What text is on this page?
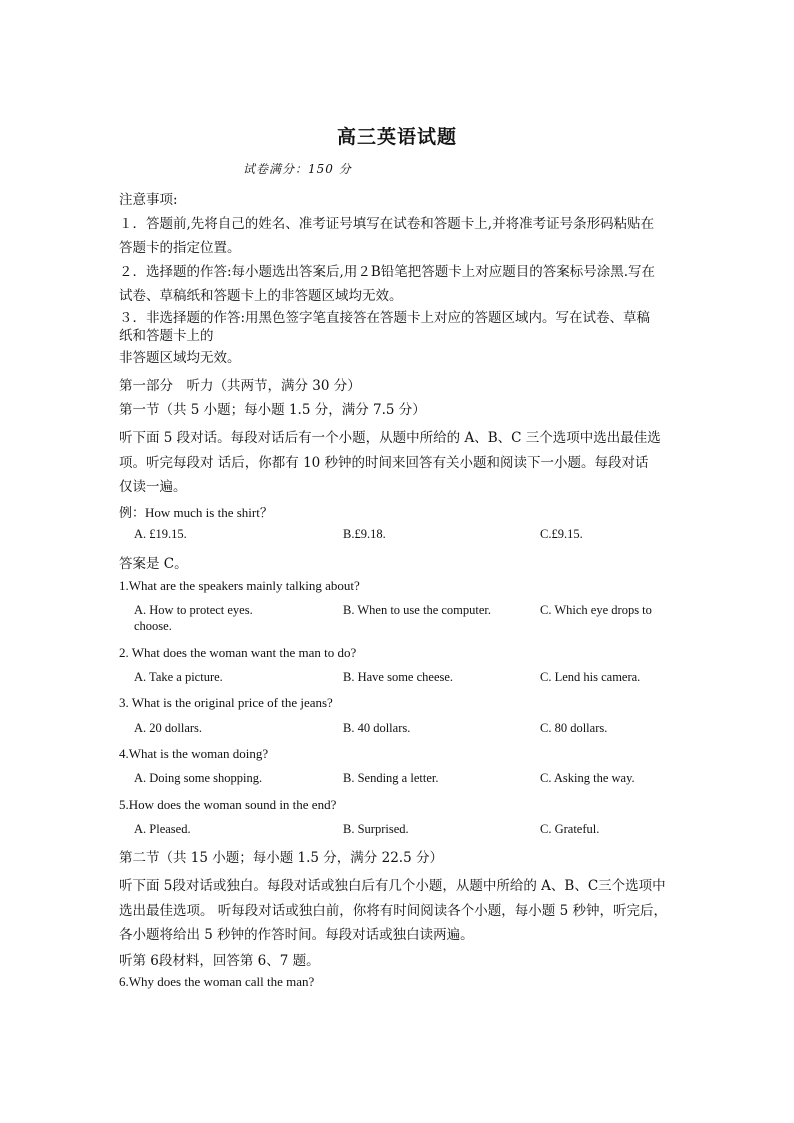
高三英语试题
试卷满分：150 分
注意事项:
１．答题前,先将自己的姓名、准考证号填写在试卷和答题卡上,并将准考证号条形码粘贴在
答题卡的指定位置。
２．选择题的作答:每小题选出答案后,用２B铅笔把答题卡上对应题目的答案标号涂黑.写在
试卷、草稿纸和答题卡上的非答题区域均无效。
３．非选择题的作答:用黑色签字笔直接答在答题卡上对应的答题区域内。写在试卷、草稿
纸和答题卡上的
非答题区域均无效。
第一部分　听力（共两节，满分 30 分）
第一节（共 5 小题；每小题 1.5 分，满分 7.5 分）
听下面 5 段对话。每段对话后有一个小题，从题中所给的 A、B、C 三个选项中选出最佳选
项。听完每段对 话后，你都有 10 秒钟的时间来回答有关小题和阅读下一小题。每段对话
仅读一遍。
例：How much is the shirt？
A. £19.15.	B.£9.18.	C.£9.15.
答案是 C。
1.What are the speakers mainly talking about?
A. How to protect eyes.	B. When to use the computer.	C. Which eye drops to
choose.
2. What does the woman want the man to do?
A. Take a picture.	B. Have some cheese.	C. Lend his camera.
3. What is the original price of the jeans?
A. 20 dollars.	B. 40 dollars.	C. 80 dollars.
4.What is the woman doing?
A. Doing some shopping.	B. Sending a letter.	C. Asking the way.
5.How does the woman sound in the end?
A. Pleased.	B. Surprised.	C. Grateful.
第二节（共 15 小题；每小题 1.5 分，满分 22.5 分）
听下面 5段对话或独白。每段对话或独白后有几个小题，从题中所给的 A、B、C三个选项中
选出最佳选项。 听每段对话或独白前，你将有时间阅读各个小题，每小题 5 秒钟，听完后，
各小题将给出 5 秒钟的作答时间。每段对话或独白读两遍。
听第 6段材料，回答第 6、7 题。
6.Why does the woman call the man?
